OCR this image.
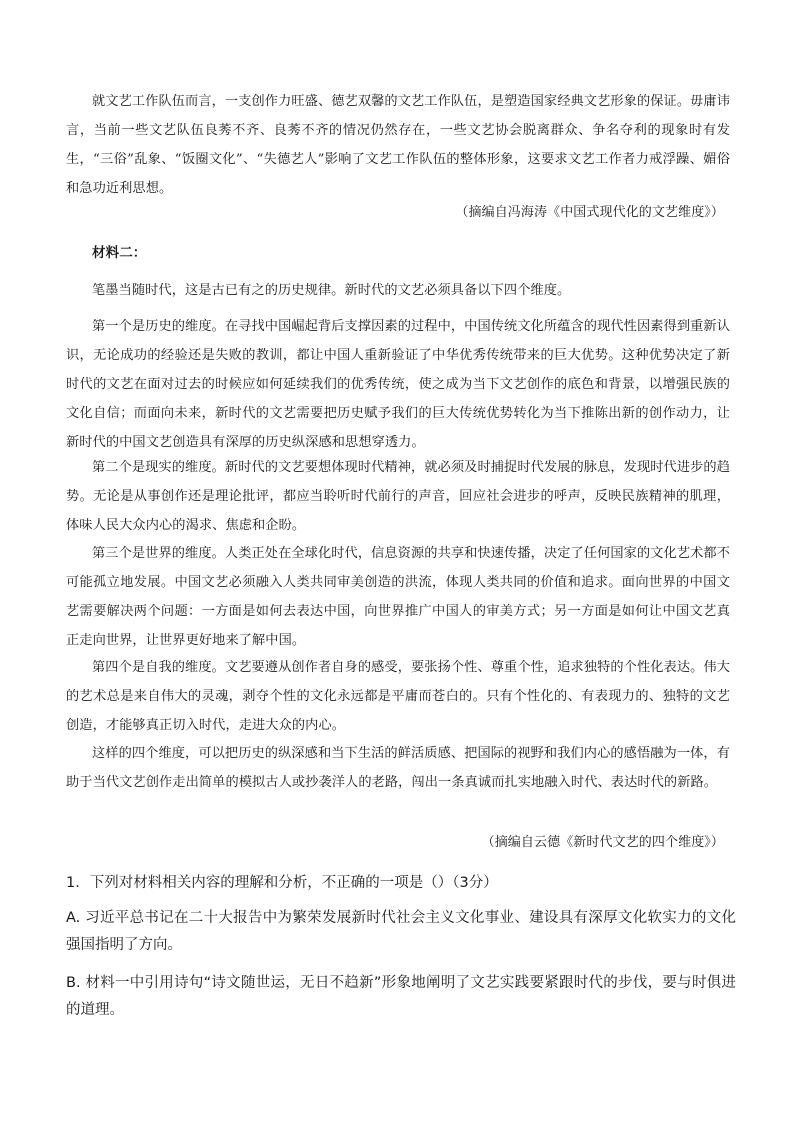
就文艺工作队伍而言，一支创作力旺盛、德艺双馨的文艺工作队伍，是塑造国家经典文艺形象的保证。毋庸讳言，当前一些文艺队伍良莠不齐、良莠不齐的情况仍然存在，一些文艺协会脱离群众、争名夺利的现象时有发生，“三俗”乱象、“饭圈文化”、“失德艺人”影响了文艺工作队伍的整体形象，这要求文艺工作者力戒浮躁、媚俗和急功近利思想。

（摘编自冯海涛《中国式现代化的文艺维度》）

材料二：

笔墨当随时代，这是古已有之的历史规律。新时代的文艺必须具备以下四个维度。

第一个是历史的维度。在寻找中国崛起背后支撑因素的过程中，中国传统文化所蕴含的现代性因素得到重新认识，无论成功的经验还是失败的教训，都让中国人重新验证了中华优秀传统带来的巨大优势。这种优势决定了新时代的文艺在面对过去的时候应如何延续我们的优秀传统，使之成为当下文艺创作的底色和背景，以增强民族的文化自信；而面向未来，新时代的文艺需要把历史赋予我们的巨大传统优势转化为当下推陈出新的创作动力，让新时代的中国文艺创造具有深厚的历史纵深感和思想穿透力。

第二个是现实的维度。新时代的文艺要想体现时代精神，就必须及时捕捉时代发展的脉息，发现时代进步的趋势。无论是从事创作还是理论批评，都应当聆听时代前行的声音，回应社会进步的呼声，反映民族精神的肌理，体味人民大众内心的渴求、焦虑和企盼。

第三个是世界的维度。人类正处在全球化时代，信息资源的共享和快速传播，决定了任何国家的文化艺术都不可能孤立地发展。中国文艺必须融入人类共同审美创造的洪流，体现人类共同的价值和追求。面向世界的中国文艺需要解决两个问题：一方面是如何去表达中国，向世界推广中国人的审美方式；另一方面是如何让中国文艺真正走向世界，让世界更好地来了解中国。

第四个是自我的维度。文艺要遵从创作者自身的感受，要张扬个性、尊重个性，追求独特的个性化表达。伟大的艺术总是来自伟大的灵魂，剥夺个性的文化永远都是平庸而苍白的。只有个性化的、有表现力的、独特的文艺创造，才能够真正切入时代，走进大众的内心。

这样的四个维度，可以把历史的纵深感和当下生活的鲜活质感、把国际的视野和我们内心的感悟融为一体，有助于当代文艺创作走出简单的模拟古人或抄袭洋人的老路，闯出一条真诚而扎实地融入时代、表达时代的新路。

（摘编自云德《新时代文艺的四个维度》）

1．下列对材料相关内容的理解和分析，不正确的一项是（）（3分）

A. 习近平总书记在二十大报告中为繁荣发展新时代社会主义文化事业、建设具有深厚文化软实力的文化强国指明了方向。

B. 材料一中引用诗句“诗文随世运，无日不趋新”形象地阐明了文艺实践要紧跟时代的步伐，要与时俱进的道理。
